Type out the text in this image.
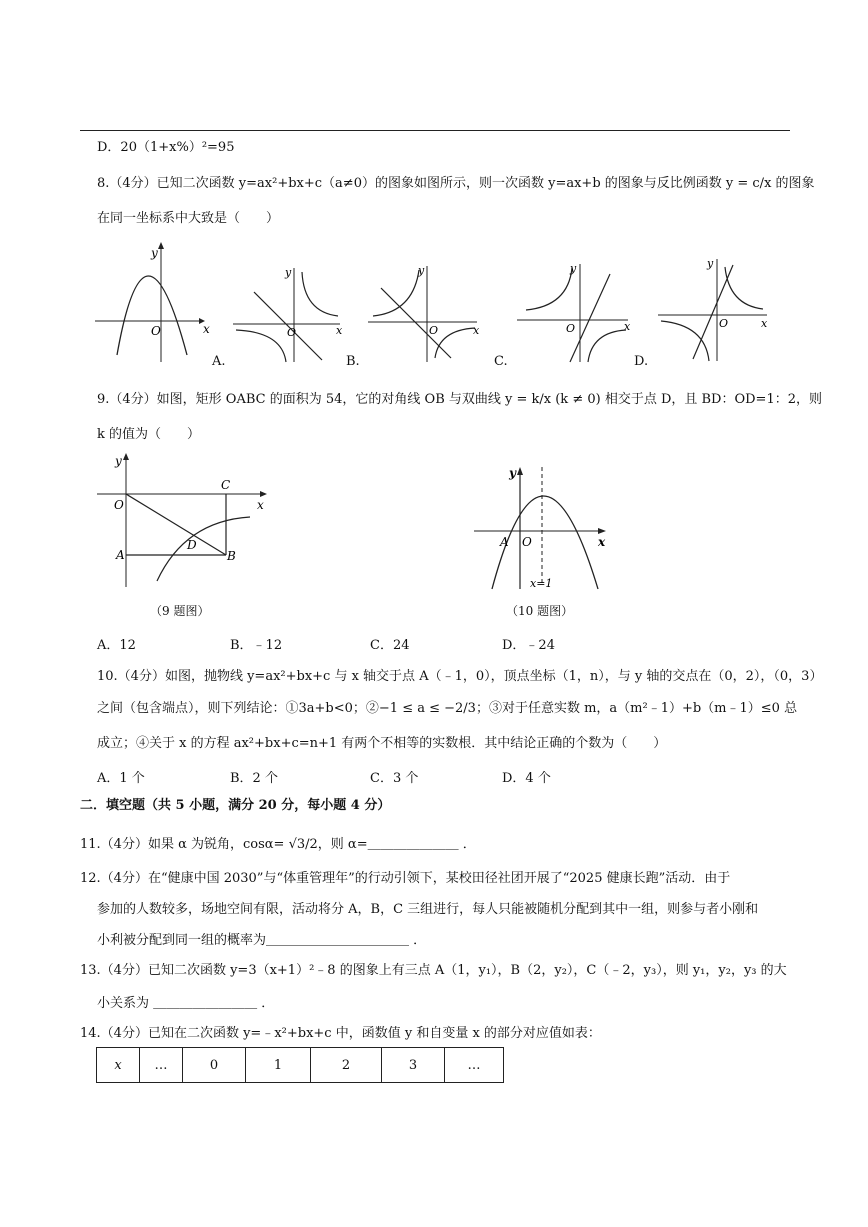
D．20（1+x%）²=95
8.（4分）已知二次函数 y=ax²+bx+c（a≠0）的图象如图所示，则一次函数 y=ax+b 的图象与反比例函数 y = c/x 的图象
在同一坐标系中大致是（　　）
y
O	x
y
O	x
A.
y
O	x
B.
y
O	x
C.
y
O	x
D.
9.（4分）如图，矩形 OABC 的面积为 54，它的对角线 OB 与双曲线 y = k/x (k ≠ 0) 相交于点 D，且 BD：OD=1：2，则
k 的值为（　　）
y
O
C
x
A
D
B
（9 题图）
y
A O	x
x=1
（10 题图）
A．12	B．﹣12	C．24	D．﹣24
10.（4分）如图，抛物线 y=ax²+bx+c 与 x 轴交于点 A（﹣1，0），顶点坐标（1，n），与 y 轴的交点在（0，2），（0，3）
之间（包含端点），则下列结论：①3a+b<0；②−1 ≤ a ≤ −2/3；③对于任意实数 m，a（m²﹣1）+b（m﹣1）≤0 总
成立；④关于 x 的方程 ax²+bx+c=n+1 有两个不相等的实数根．其中结论正确的个数为（　　）
A．1 个	B．2 个	C．3 个	D．4 个
二．填空题（共 5 小题，满分 20 分，每小题 4 分）
11.（4分）如果 α 为锐角，cosα= √3/2，则 α=＿＿＿＿＿＿＿ ．
12.（4分）在“健康中国 2030”与“体重管理年”的行动引领下，某校田径社团开展了“2025 健康长跑”活动．由于
参加的人数较多，场地空间有限，活动将分 A，B，C 三组进行，每人只能被随机分配到其中一组，则参与者小刚和
小利被分配到同一组的概率为＿＿＿＿＿＿＿＿＿＿＿ ．
13.（4分）已知二次函数 y=3（x+1）²﹣8 的图象上有三点 A（1，y₁），B（2，y₂），C（﹣2，y₃），则 y₁，y₂，y₃ 的大
小关系为 ＿＿＿＿＿＿＿＿ ．
14.（4分）已知在二次函数 y=﹣x²+bx+c 中，函数值 y 和自变量 x 的部分对应值如表：
x	…	0	1	2	3	…
